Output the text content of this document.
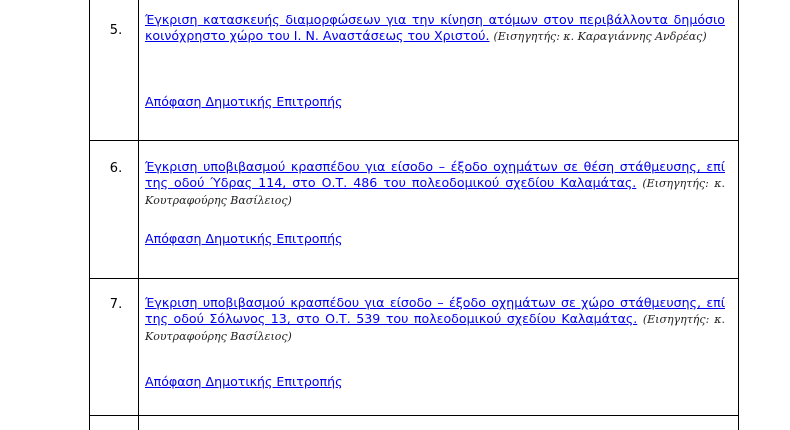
5.
Έγκριση κατασκευής διαμορφώσεων για την κίνηση ατόμων στον περιβάλλοντα δημόσιο κοινόχρηστο χώρο του Ι. Ν. Αναστάσεως του Χριστού. (Εισηγητής: κ. Καραγιάννης Ανδρέας)
Απόφαση Δημοτικής Επιτροπής
6.	Έγκριση υποβιβασμού κρασπέδου για είσοδο – έξοδο οχημάτων σε θέση στάθμευσης, επί της οδού Ύδρας 114, στο Ο.Τ. 486 του πολεοδομικού σχεδίου Καλαμάτας. (Εισηγητής: κ. Κουτραφούρης Βασίλειος)
Απόφαση Δημοτικής Επιτροπής
7.	Έγκριση υποβιβασμού κρασπέδου για είσοδο – έξοδο οχημάτων σε χώρο στάθμευσης, επί της οδού Σόλωνος 13, στο Ο.Τ. 539 του πολεοδομικού σχεδίου Καλαμάτας. (Εισηγητής: κ. Κουτραφούρης Βασίλειος)
Απόφαση Δημοτικής Επιτροπής
